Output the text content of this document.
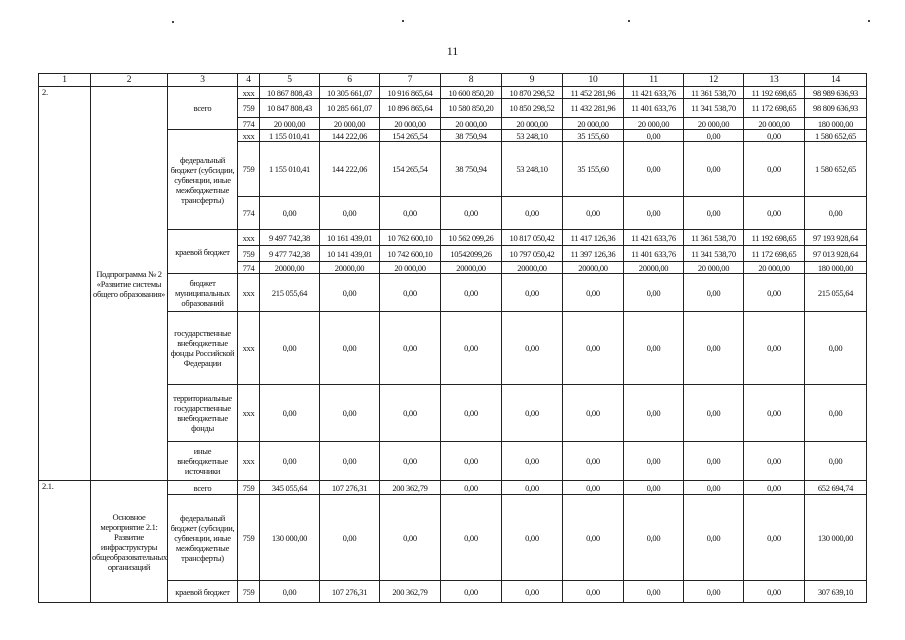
11
1	2	3	4	5	6	7	8	9	10	11	12	13	14
2.	Подпрограмма № 2 «Развитие системы общего образования»	всего	xxx	10 867 808,43	10 305 661,07	10 916 865,64	10 600 850,20	10 870 298,52	11 452 281,96	11 421 633,76	11 361 538,70	11 192 698,65	98 989 636,93
			759	10 847 808,43	10 285 661,07	10 896 865,64	10 580 850,20	10 850 298,52	11 432 281,96	11 401 633,76	11 341 538,70	11 172 698,65	98 809 636,93
			774	20 000,00	20 000,00	20 000,00	20 000,00	20 000,00	20 000,00	20 000,00	20 000,00	20 000,00	180 000,00
		федеральный бюджет (субсидии, субвенции, иные межбюджетные трансферты)	xxx	1 155 010,41	144 222,06	154 265,54	38 750,94	53 248,10	35 155,60	0,00	0,00	0,00	1 580 652,65
			759	1 155 010,41	144 222,06	154 265,54	38 750,94	53 248,10	35 155,60	0,00	0,00	0,00	1 580 652,65
			774	0,00	0,00	0,00	0,00	0,00	0,00	0,00	0,00	0,00	0,00
		краевой бюджет	xxx	9 497 742,38	10 161 439,01	10 762 600,10	10 562 099,26	10 817 050,42	11 417 126,36	11 421 633,76	11 361 538,70	11 192 698,65	97 193 928,64
			759	9 477 742,38	10 141 439,01	10 742 600,10	10542099,26	10 797 050,42	11 397 126,36	11 401 633,76	11 341 538,70	11 172 698,65	97 013 928,64
			774	20000,00	20000,00	20 000,00	20000,00	20000,00	20000,00	20000,00	20 000,00	20 000,00	180 000,00
		бюджет муниципальных образований	xxx	215 055,64	0,00	0,00	0,00	0,00	0,00	0,00	0,00	0,00	215 055,64
		государственные внебюджетные фонды Российской Федерации	xxx	0,00	0,00	0,00	0,00	0,00	0,00	0,00	0,00	0,00	0,00
		территориальные государственные внебюджетные фонды	xxx	0,00	0,00	0,00	0,00	0,00	0,00	0,00	0,00	0,00	0,00
		иные внебюджетные источники	xxx	0,00	0,00	0,00	0,00	0,00	0,00	0,00	0,00	0,00	0,00
2.1.	Основное мероприятие 2.1: Развитие инфраструктуры общеобразовательных организаций	всего	759	345 055,64	107 276,31	200 362,79	0,00	0,00	0,00	0,00	0,00	0,00	652 694,74
		федеральный бюджет (субсидии, субвенции, иные межбюджетные трансферты)	759	130 000,00	0,00	0,00	0,00	0,00	0,00	0,00	0,00	0,00	130 000,00
		краевой бюджет	759	0,00	107 276,31	200 362,79	0,00	0,00	0,00	0,00	0,00	0,00	307 639,10
